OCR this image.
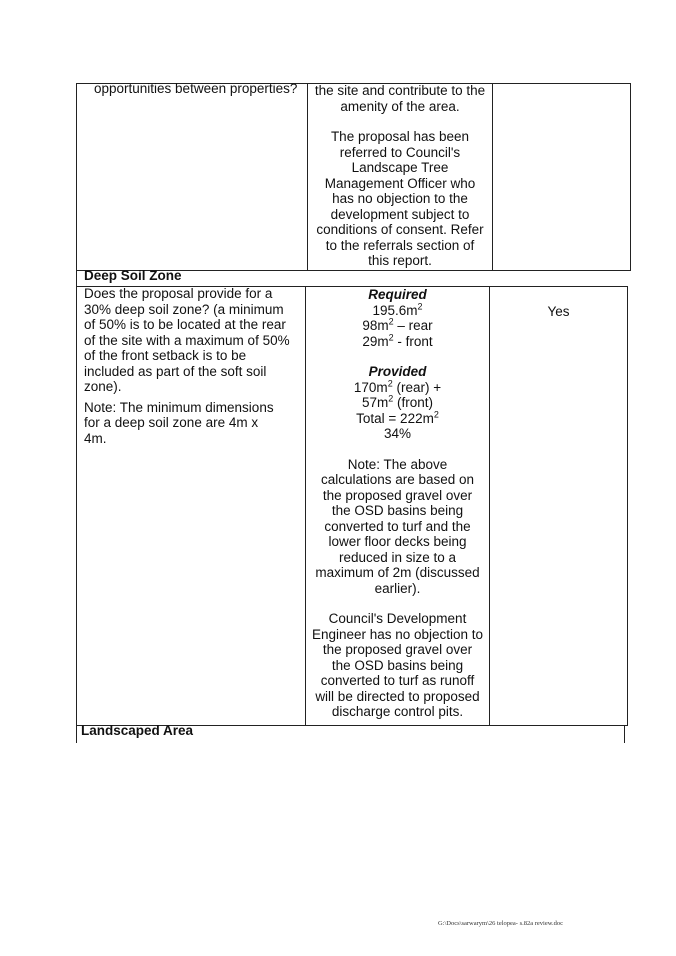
opportunities between properties?	the site and contribute to the
amenity of the area.

The proposal has been
referred to Council's
Landscape Tree
Management Officer who
has no objection to the
development subject to
conditions of consent. Refer
to the referrals section of
this report.

Deep Soil Zone

Does the proposal provide for a
30% deep soil zone? (a minimum
of 50% is to be located at the rear
of the site with a maximum of 50%
of the front setback is to be
included as part of the soft soil
zone).

Note: The minimum dimensions
for a deep soil zone are 4m x
4m.

Required
$195.6m^2$
$98m^2$ – rear
$29m^2$ - front

Provided
$170m^2$ (rear) +
$57m^2$ (front)
Total = $222m^2$
34%

Note: The above
calculations are based on
the proposed gravel over
the OSD basins being
converted to turf and the
lower floor decks being
reduced in size to a
maximum of 2m (discussed
earlier).

Council's Development
Engineer has no objection to
the proposed gravel over
the OSD basins being
converted to turf as runoff
will be directed to proposed
discharge control pits.

Yes
Landscaped Area
G:\Docs\sarwarym\26 telopea- s.82a review.doc
